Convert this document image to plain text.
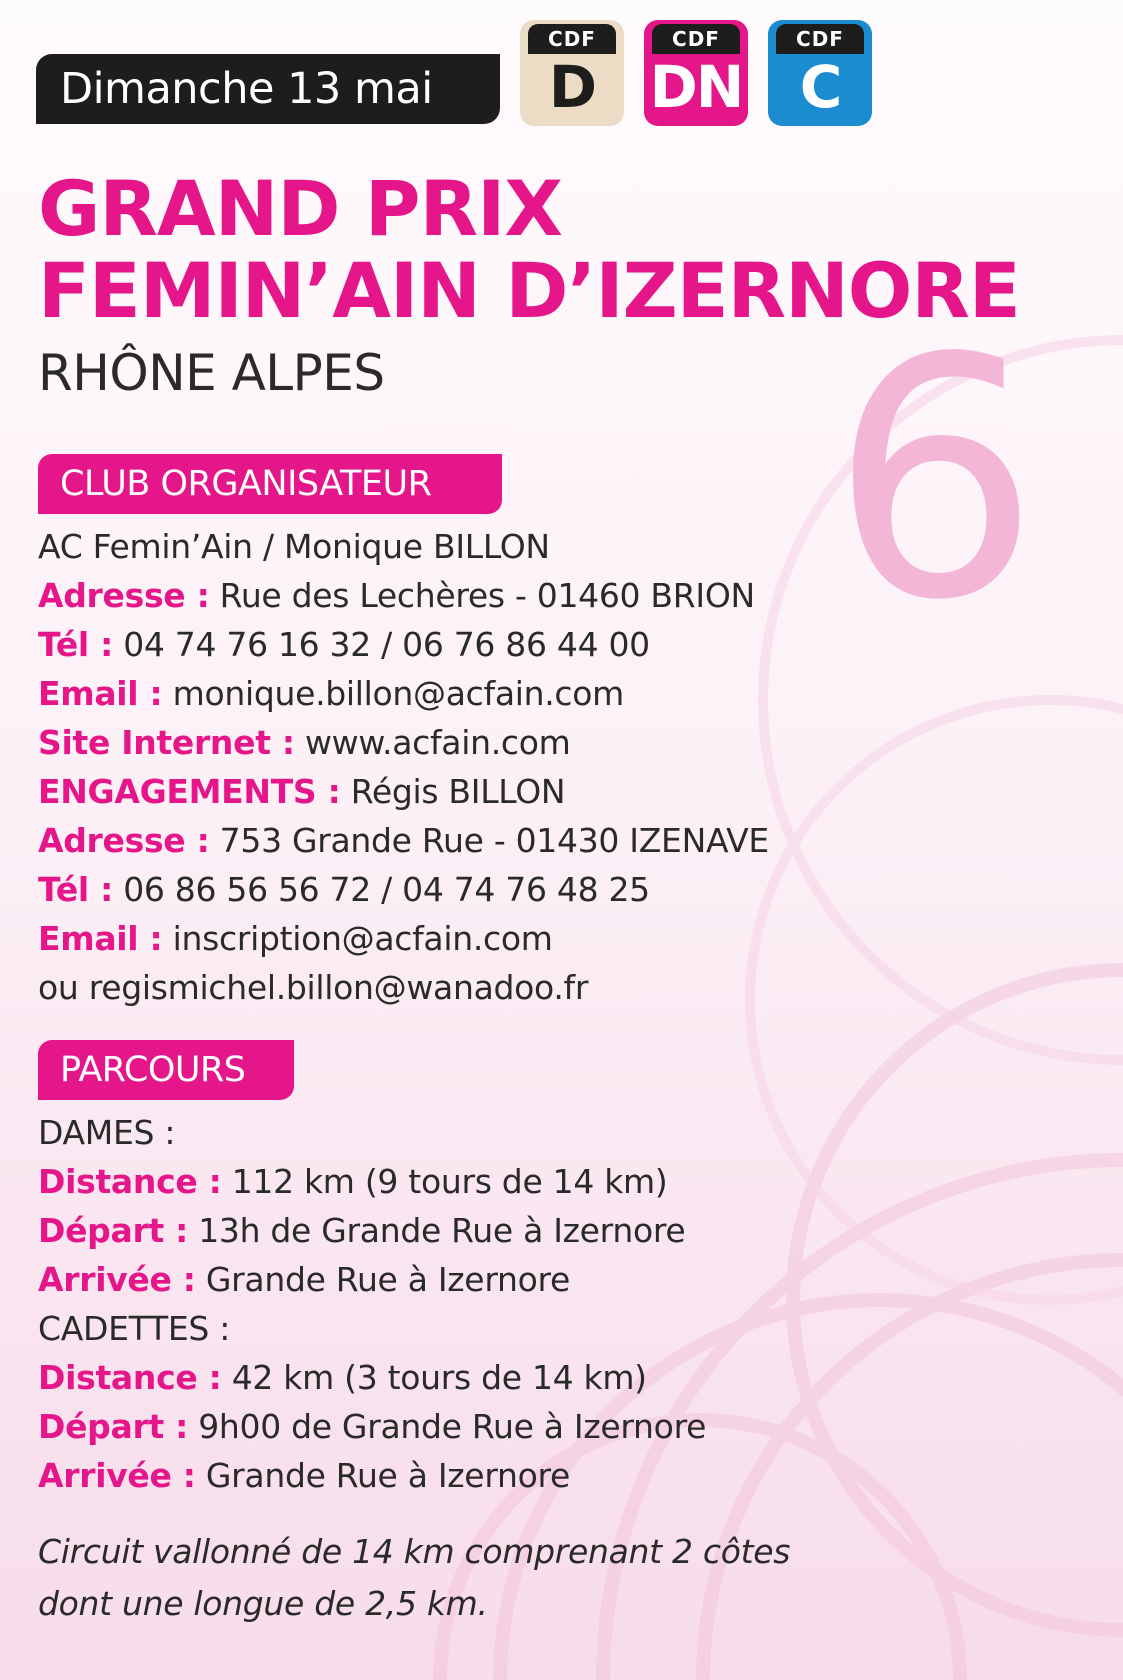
Dimanche 13 mai
CDF
D
CDF
DN
CDF
C
GRAND PRIX
FEMIN’AIN D’IZERNORE
RHÔNE ALPES 6
CLUB ORGANISATEUR
AC Femin’Ain / Monique BILLON
Adresse : Rue des Lechères - 01460 BRION
Tél : 04 74 76 16 32 / 06 76 86 44 00
Email : monique.billon@acfain.com
Site Internet : www.acfain.com
ENGAGEMENTS : Régis BILLON
Adresse : 753 Grande Rue - 01430 IZENAVE
Tél : 06 86 56 56 72 / 04 74 76 48 25
Email : inscription@acfain.com
ou regismichel.billon@wanadoo.fr
PARCOURS
DAMES :
Distance : 112 km (9 tours de 14 km)
Départ : 13h de Grande Rue à Izernore
Arrivée : Grande Rue à Izernore
CADETTES :
Distance : 42 km (3 tours de 14 km)
Départ : 9h00 de Grande Rue à Izernore
Arrivée : Grande Rue à Izernore
Circuit vallonné de 14 km comprenant 2 côtes
dont une longue de 2,5 km.
